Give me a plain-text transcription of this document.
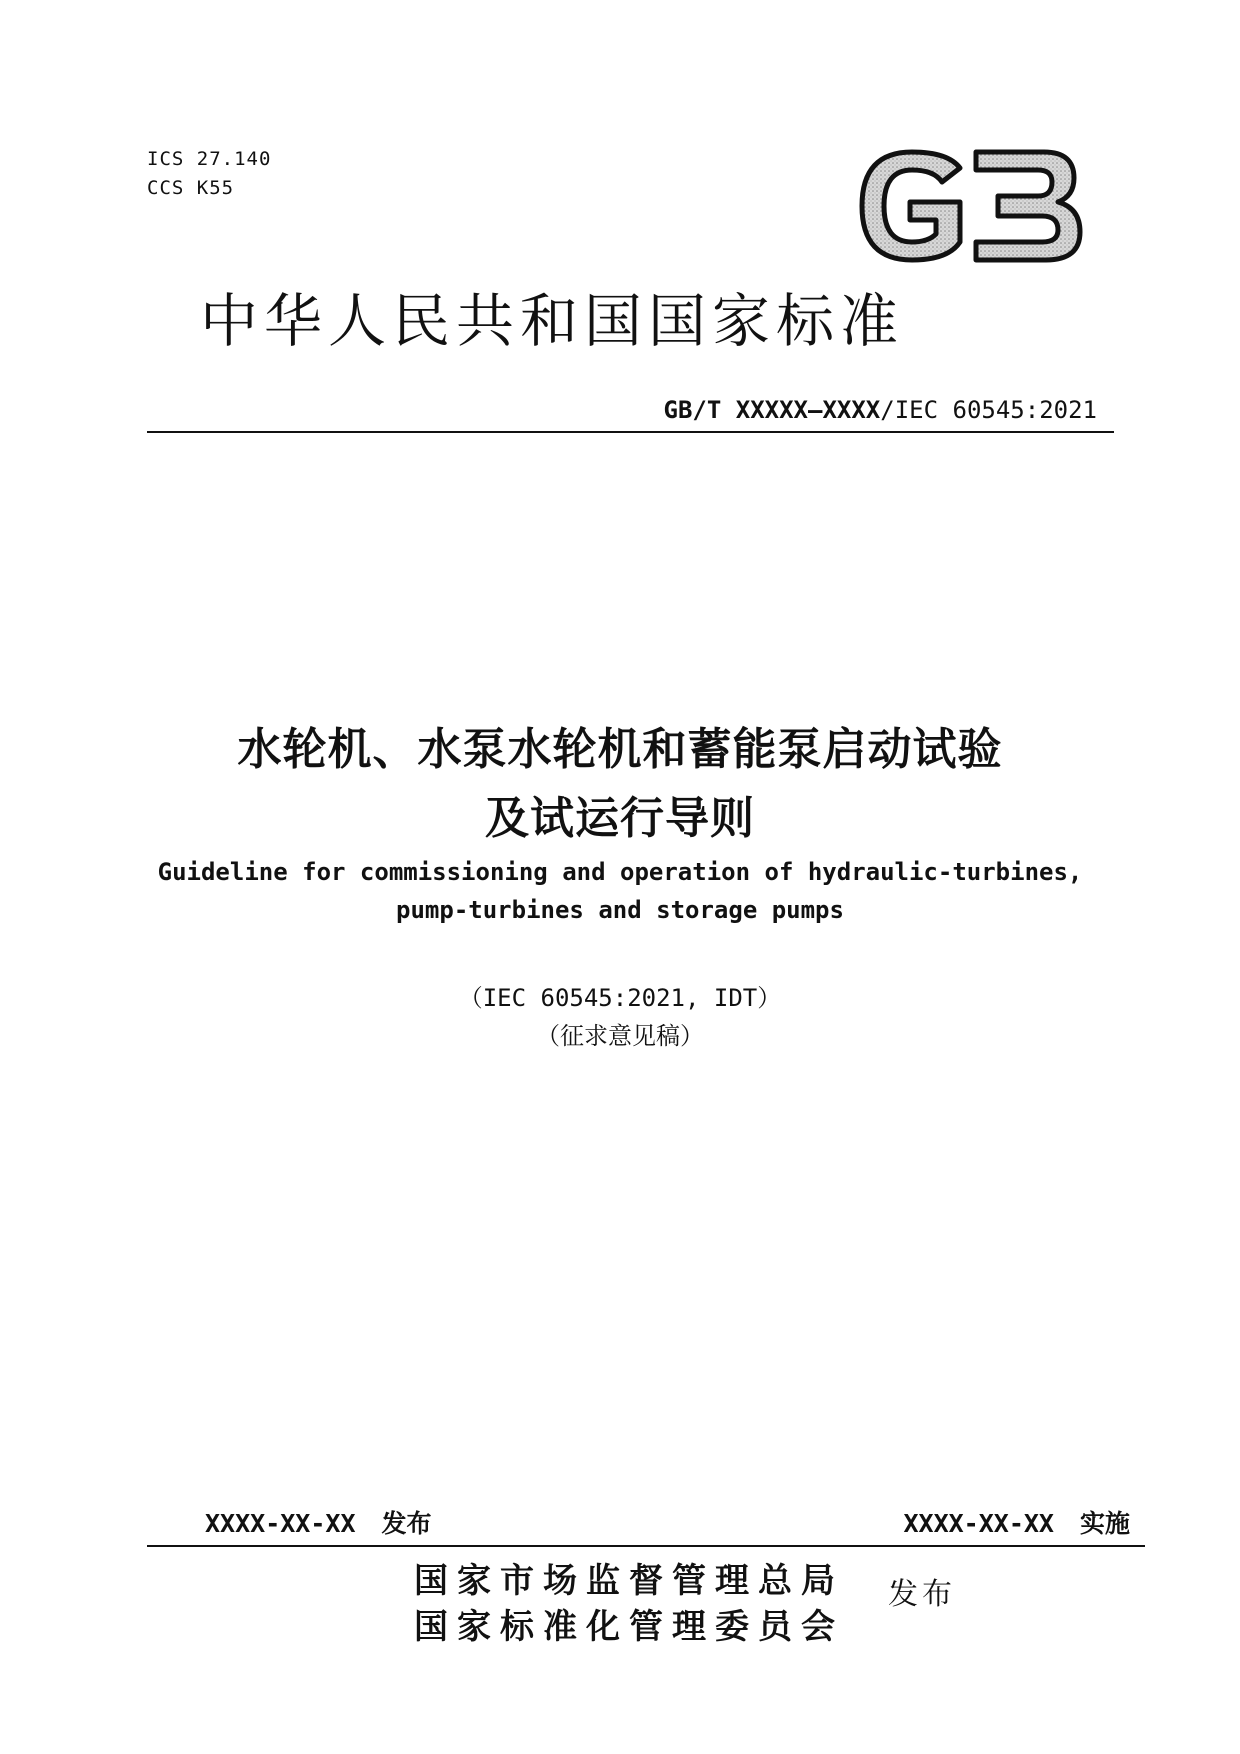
ICS 27.140
CCS K55
中华人民共和国国家标准
GB/T XXXXX—XXXX/IEC 60545:2021
水轮机、水泵水轮机和蓄能泵启动试验
及试运行导则
Guideline for commissioning and operation of hydraulic-turbines,
pump-turbines and storage pumps
（IEC 60545:2021, IDT）
（征求意见稿）
XXXX-XX-XX 发布	XXXX-XX-XX 实施
国家市场监督管理总局
国家标准化管理委员会
发布
